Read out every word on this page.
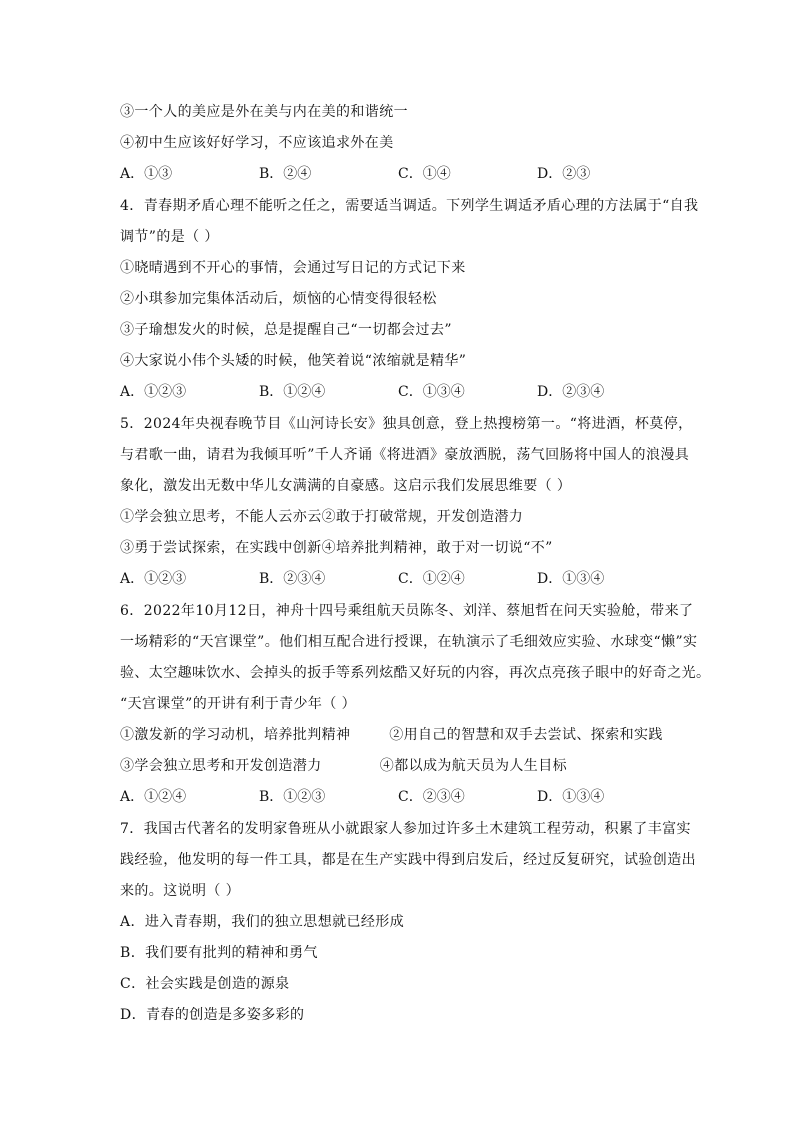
③一个人的美应是外在美与内在美的和谐统一
④初中生应该好好学习，不应该追求外在美
A．①③	B．②④	C．①④	D．②③
4．青春期矛盾心理不能听之任之，需要适当调适。下列学生调适矛盾心理的方法属于“自我
调节”的是（ ）
①晓晴遇到不开心的事情，会通过写日记的方式记下来
②小琪参加完集体活动后，烦恼的心情变得很轻松
③子瑜想发火的时候，总是提醒自己“一切都会过去”
④大家说小伟个头矮的时候，他笑着说“浓缩就是精华”
A．①②③	B．①②④	C．①③④	D．②③④
5．2024年央视春晚节目《山河诗长安》独具创意，登上热搜榜第一。“将进酒，杯莫停，
与君歌一曲，请君为我倾耳听”千人齐诵《将进酒》豪放洒脱，荡气回肠将中国人的浪漫具
象化，激发出无数中华儿女满满的自豪感。这启示我们发展思维要（ ）
①学会独立思考，不能人云亦云②敢于打破常规，开发创造潜力
③勇于尝试探索，在实践中创新④培养批判精神，敢于对一切说“不”
A．①②③	B．②③④	C．①②④	D．①③④
6．2022年10月12日，神舟十四号乘组航天员陈冬、刘洋、蔡旭哲在问天实验舱，带来了
一场精彩的“天宫课堂”。他们相互配合进行授课，在轨演示了毛细效应实验、水球变“懒”实
验、太空趣味饮水、会掉头的扳手等系列炫酷又好玩的内容，再次点亮孩子眼中的好奇之光。
“天宫课堂”的开讲有利于青少年（ ）
①激发新的学习动机，培养批判精神        ②用自己的智慧和双手去尝试、探索和实践
③学会独立思考和开发创造潜力            ④都以成为航天员为人生目标
A．①②④	B．①②③	C．②③④	D．①③④
7．我国古代著名的发明家鲁班从小就跟家人参加过许多土木建筑工程劳动，积累了丰富实
践经验，他发明的每一件工具，都是在生产实践中得到启发后，经过反复研究，试验创造出
来的。这说明（ ）
A．进入青春期，我们的独立思想就已经形成
B．我们要有批判的精神和勇气
C．社会实践是创造的源泉
D．青春的创造是多姿多彩的
